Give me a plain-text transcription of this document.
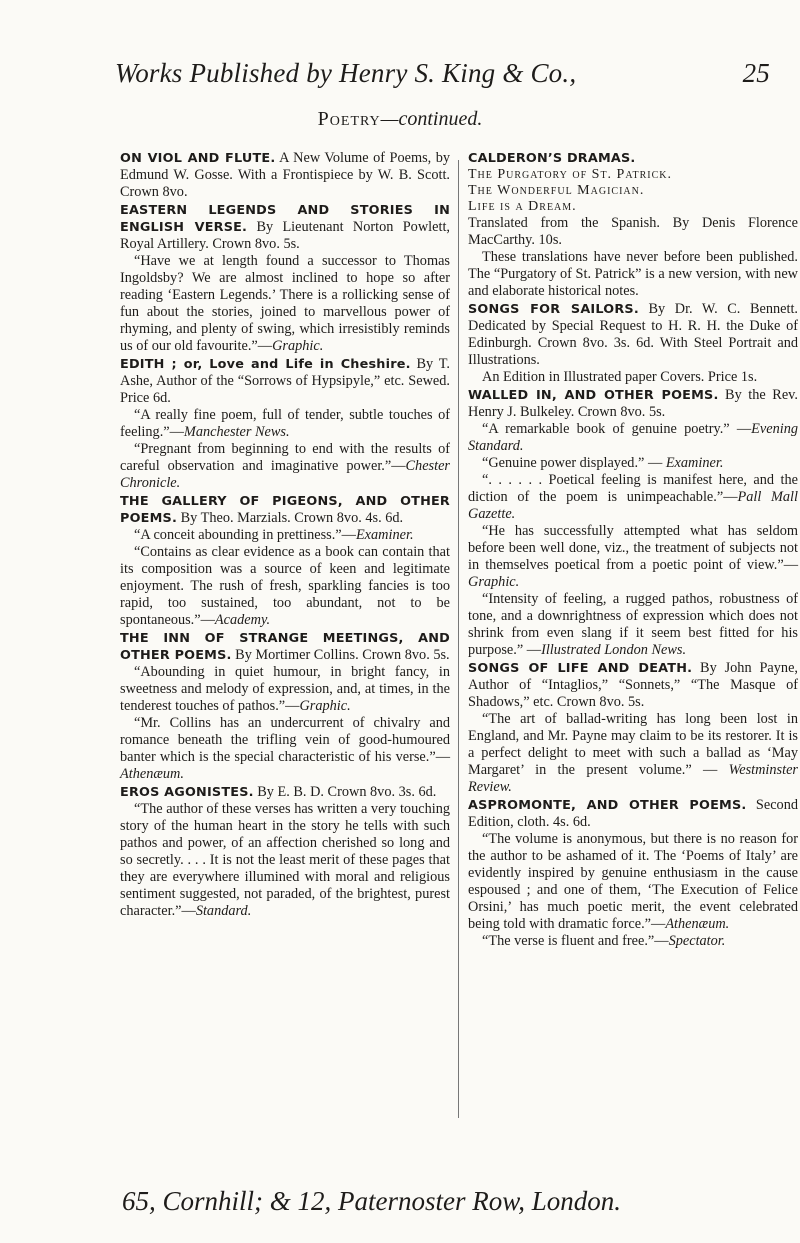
Works Published by Henry S. King & Co.,	25
Poetry—continued.

ON VIOL AND FLUTE. A New Volume of Poems, by Edmund W. Gosse. With a Frontispiece by W. B. Scott. Crown 8vo.

EASTERN LEGENDS AND STORIES IN ENGLISH VERSE. By Lieutenant Norton Powlett, Royal Artillery. Crown 8vo. 5s.

“Have we at length found a successor to Thomas Ingoldsby? We are almost inclined to hope so after reading ‘Eastern Legends.’ There is a rollicking sense of fun about the stories, joined to marvellous power of rhyming, and plenty of swing, which irresistibly reminds us of our old favourite.”—Graphic.

EDITH ; or, Love and Life in Cheshire. By T. Ashe, Author of the “Sorrows of Hypsipyle,” etc. Sewed. Price 6d.

“A really fine poem, full of tender, subtle touches of feeling.”—Manchester News.

“Pregnant from beginning to end with the results of careful observation and imaginative power.”—Chester Chronicle.

THE GALLERY OF PIGEONS, AND OTHER POEMS. By Theo. Marzials. Crown 8vo. 4s. 6d.

“A conceit abounding in prettiness.”—Examiner.

“Contains as clear evidence as a book can contain that its composition was a source of keen and legitimate enjoyment. The rush of fresh, sparkling fancies is too rapid, too sustained, too abundant, not to be spontaneous.”—Academy.

THE INN OF STRANGE MEETINGS, AND OTHER POEMS. By Mortimer Collins. Crown 8vo. 5s.

“Abounding in quiet humour, in bright fancy, in sweetness and melody of expression, and, at times, in the tenderest touches of pathos.”—Graphic.

“Mr. Collins has an undercurrent of chivalry and romance beneath the trifling vein of good-humoured banter which is the special characteristic of his verse.”—Athenæum.

EROS AGONISTES. By E. B. D. Crown 8vo. 3s. 6d.

“The author of these verses has written a very touching story of the human heart in the story he tells with such pathos and power, of an affection cherished so long and so secretly. . . . It is not the least merit of these pages that they are everywhere illumined with moral and religious sentiment suggested, not paraded, of the brightest, purest character.”—Standard.

CALDERON’S DRAMAS.
The Purgatory of St. Patrick.
The Wonderful Magician.
Life is a Dream.
Translated from the Spanish. By Denis Florence MacCarthy. 10s.

These translations have never before been published. The “Purgatory of St. Patrick” is a new version, with new and elaborate historical notes.

SONGS FOR SAILORS. By Dr. W. C. Bennett. Dedicated by Special Request to H. R. H. the Duke of Edinburgh. Crown 8vo. 3s. 6d. With Steel Portrait and Illustrations.

An Edition in Illustrated paper Covers. Price 1s.

WALLED IN, AND OTHER POEMS. By the Rev. Henry J. Bulkeley. Crown 8vo. 5s.

“A remarkable book of genuine poetry.” —Evening Standard.

“Genuine power displayed.” — Examiner.

“. . . . . . Poetical feeling is manifest here, and the diction of the poem is unimpeachable.”—Pall Mall Gazette.

“He has successfully attempted what has seldom before been well done, viz., the treatment of subjects not in themselves poetical from a poetic point of view.”—Graphic.

“Intensity of feeling, a rugged pathos, robustness of tone, and a downrightness of expression which does not shrink from even slang if it seem best fitted for his purpose.” —Illustrated London News.

SONGS OF LIFE AND DEATH. By John Payne, Author of “Intaglios,” “Sonnets,” “The Masque of Shadows,” etc. Crown 8vo. 5s.

“The art of ballad-writing has long been lost in England, and Mr. Payne may claim to be its restorer. It is a perfect delight to meet with such a ballad as ‘May Margaret’ in the present volume.” — Westminster Review.

ASPROMONTE, AND OTHER POEMS. Second Edition, cloth. 4s. 6d.

“The volume is anonymous, but there is no reason for the author to be ashamed of it. The ‘Poems of Italy’ are evidently inspired by genuine enthusiasm in the cause espoused ; and one of them, ‘The Execution of Felice Orsini,’ has much poetic merit, the event celebrated being told with dramatic force.”—Athenæum.

“The verse is fluent and free.”—Spectator.

65, Cornhill; & 12, Paternoster Row, London.
